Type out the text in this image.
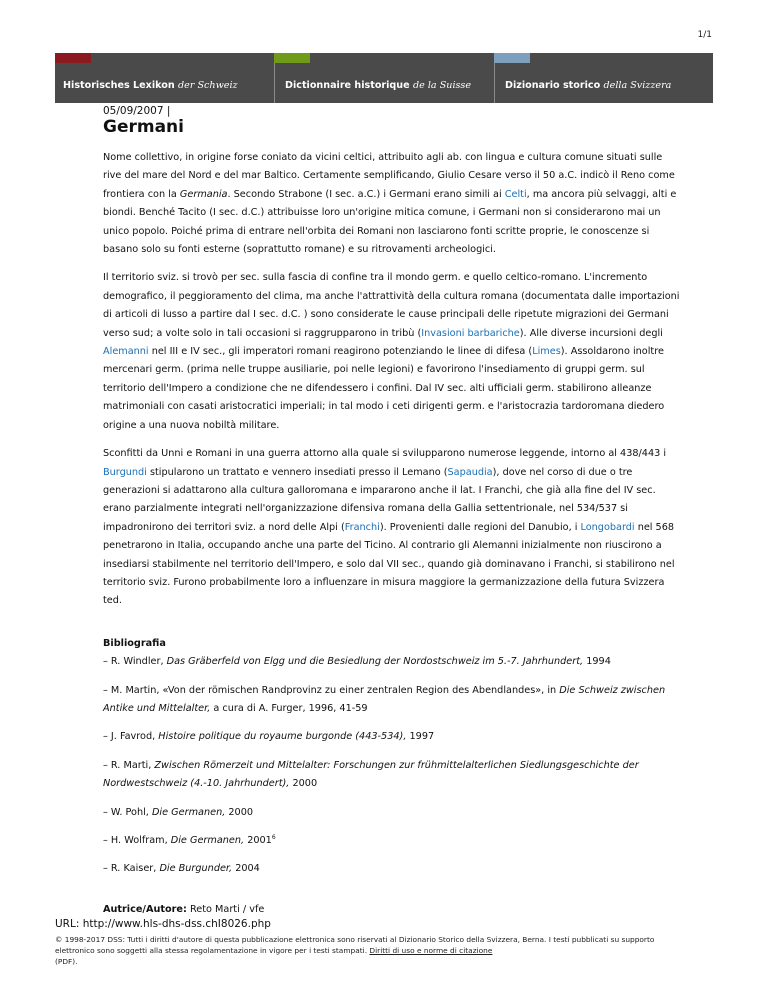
1/1
Historisches Lexikon der Schweiz	Dictionnaire historique de la Suisse	Dizionario storico della Svizzera
05/09/2007 |
Germani

Nome collettivo, in origine forse coniato da vicini celtici, attribuito agli ab. con lingua e cultura comune situati sulle rive del mare del Nord e del mar Baltico. Certamente semplificando, Giulio Cesare verso il 50 a.C. indicò il Reno come frontiera con la Germania. Secondo Strabone (I sec. a.C.) i Germani erano simili ai Celti, ma ancora più selvaggi, alti e biondi. Benché Tacito (I sec. d.C.) attribuisse loro un'origine mitica comune, i Germani non si considerarono mai un unico popolo. Poiché prima di entrare nell'orbita dei Romani non lasciarono fonti scritte proprie, le conoscenze si basano solo su fonti esterne (soprattutto romane) e su ritrovamenti archeologici.

Il territorio sviz. si trovò per sec. sulla fascia di confine tra il mondo germ. e quello celtico-romano. L'incremento demografico, il peggioramento del clima, ma anche l'attrattività della cultura romana (documentata dalle importazioni di articoli di lusso a partire dal I sec. d.C. ) sono considerate le cause principali delle ripetute migrazioni dei Germani verso sud; a volte solo in tali occasioni si raggrupparono in tribù (Invasioni barbariche). Alle diverse incursioni degli Alemanni nel III e IV sec., gli imperatori romani reagirono potenziando le linee di difesa (Limes). Assoldarono inoltre mercenari germ. (prima nelle truppe ausiliarie, poi nelle legioni) e favorirono l'insediamento di gruppi germ. sul territorio dell'Impero a condizione che ne difendessero i confini. Dal IV sec. alti ufficiali germ. stabilirono alleanze matrimoniali con casati aristocratici imperiali; in tal modo i ceti dirigenti germ. e l'aristocrazia tardoromana diedero origine a una nuova nobiltà militare.

Sconfitti da Unni e Romani in una guerra attorno alla quale si svilupparono numerose leggende, intorno al 438/443 i Burgundi stipularono un trattato e vennero insediati presso il Lemano (Sapaudia), dove nel corso di due o tre generazioni si adattarono alla cultura galloromana e impararono anche il lat. I Franchi, che già alla fine del IV sec. erano parzialmente integrati nell'organizzazione difensiva romana della Gallia settentrionale, nel 534/537 si impadronirono dei territori sviz. a nord delle Alpi (Franchi). Provenienti dalle regioni del Danubio, i Longobardi nel 568 penetrarono in Italia, occupando anche una parte del Ticino. Al contrario gli Alemanni inizialmente non riuscirono a insediarsi stabilmente nel territorio dell'Impero, e solo dal VII sec., quando già dominavano i Franchi, si stabilirono nel territorio sviz. Furono probabilmente loro a influenzare in misura maggiore la germanizzazione della futura Svizzera ted.

Bibliografia

– R. Windler, Das Gräberfeld von Elgg und die Besiedlung der Nordostschweiz im 5.-7. Jahrhundert, 1994

– M. Martin, «Von der römischen Randprovinz zu einer zentralen Region des Abendlandes», in Die Schweiz zwischen Antike und Mittelalter, a cura di A. Furger, 1996, 41-59

– J. Favrod, Histoire politique du royaume burgonde (443-534), 1997

– R. Marti, Zwischen Römerzeit und Mittelalter: Forschungen zur frühmittelalterlichen Siedlungsgeschichte der Nordwestschweiz (4.-10. Jahrhundert), 2000

– W. Pohl, Die Germanen, 2000

– H. Wolfram, Die Germanen, 2001$^6$

– R. Kaiser, Die Burgunder, 2004

Autrice/Autore: Reto Marti / vfe
URL: http://www.hls-dhs-dss.chI8026.php
© 1998-2017 DSS: Tutti i diritti d'autore di questa pubblicazione elettronica sono riservati al Dizionario Storico della Svizzera, Berna. I testi pubblicati su supporto elettronico sono soggetti alla stessa regolamentazione in vigore per i testi stampati. Diritti di uso e norme di citazione
(PDF).
